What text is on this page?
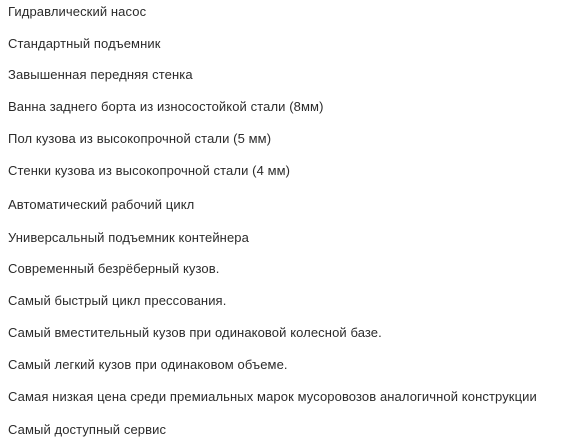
Гидравлический насос
Стандартный подъемник
Завышенная передняя стенка
Ванна заднего борта из износостойкой стали (8мм)
Пол кузова из высокопрочной стали (5 мм)
Стенки кузова из высокопрочной стали (4 мм)
Автоматический рабочий цикл
Универсальный подъемник контейнера
Современный безрёберный кузов.
Самый быстрый цикл прессования.
Самый вместительный кузов при одинаковой колесной базе.
Самый легкий кузов при одинаковом объеме.
Самая низкая цена среди премиальных марок мусоровозов аналогичной конструкции
Самый доступный сервис
